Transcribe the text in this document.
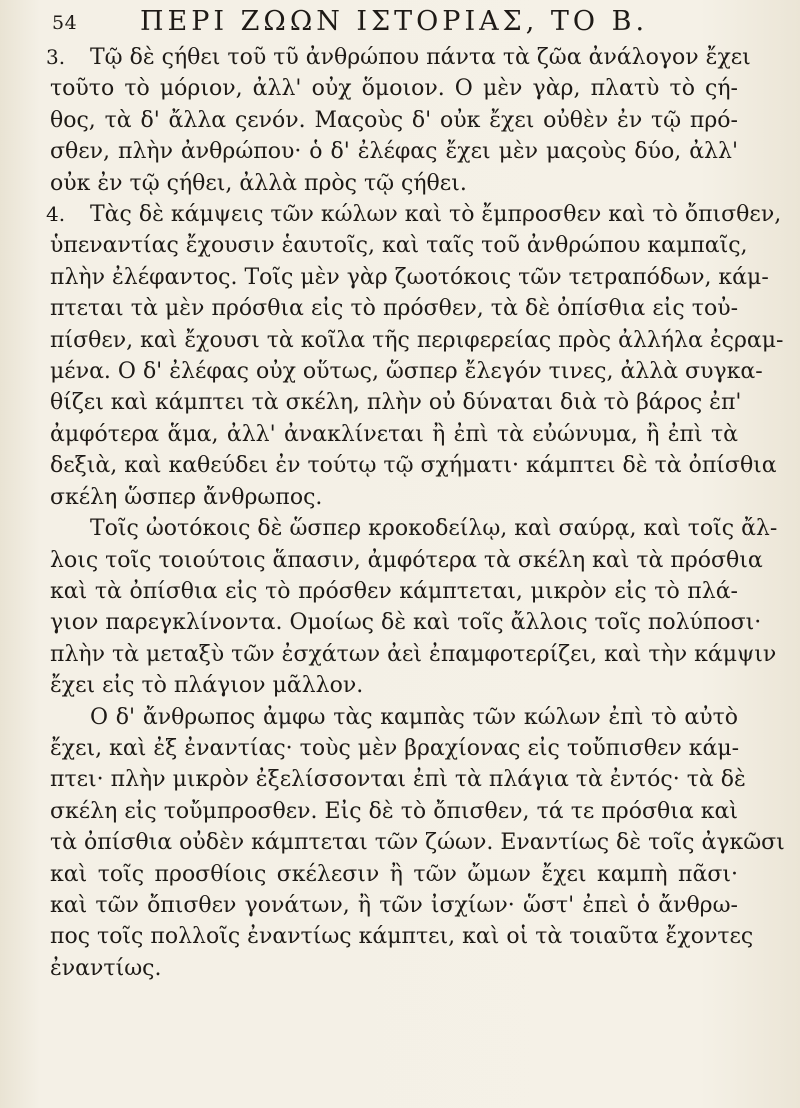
54 ΠΕΡΙ ΖΩΩΝ ΙΣΤΟΡΙΑΣ, ΤΟ Β.
3.	Τῷ δὲ ςήθει τοῦ τῦ ἀνθρώπου πάντα τὰ ζῶα ἀνάλογον ἔχει
τοῦτο τὸ μόριον, ἀλλ' οὐχ ὅμοιον. Ο μὲν γὰρ, πλατὺ τὸ ςή-
θος, τὰ δ' ἄλλα ςενόν. Μαςοὺς δ' οὐκ ἔχει οὐθὲν ἐν τῷ πρό-
σθεν, πλὴν ἀνθρώπου· ὁ δ' ἐλέφας ἔχει μὲν μαςοὺς δύο, ἀλλ'
οὐκ ἐν τῷ ςήθει, ἀλλὰ πρὸς τῷ ςήθει.
4.	Τὰς δὲ κάμψεις τῶν κώλων καὶ τὸ ἔμπροσθεν καὶ τὸ ὄπισθεν,
ὑπεναντίας ἔχουσιν ἑαυτοῖς, καὶ ταῖς τοῦ ἀνθρώπου καμπαῖς,
πλὴν ἐλέφαντος. Τοῖς μὲν γὰρ ζωοτόκοις τῶν τετραπόδων, κάμ-
πτεται τὰ μὲν πρόσθια εἰς τὸ πρόσθεν, τὰ δὲ ὀπίσθια εἰς τοὐ-
πίσθεν, καὶ ἔχουσι τὰ κοῖλα τῆς περιφερείας πρὸς ἀλλήλα ἐςραμ-
μένα. Ο δ' ἐλέφας οὐχ οὕτως, ὥσπερ ἔλεγόν τινες, ἀλλὰ συγκα-
θίζει καὶ κάμπτει τὰ σκέλη, πλὴν οὐ δύναται διὰ τὸ βάρος ἐπ'
ἀμφότερα ἅμα, ἀλλ' ἀνακλίνεται ἢ ἐπὶ τὰ εὐώνυμα, ἢ ἐπὶ τὰ
δεξιὰ, καὶ καθεύδει ἐν τούτῳ τῷ σχήματι· κάμπτει δὲ τὰ ὀπίσθια
σκέλη ὥσπερ ἄνθρωπος.
Τοῖς ὠοτόκοις δὲ ὥσπερ κροκοδείλῳ, καὶ σαύρᾳ, καὶ τοῖς ἄλ-
λοις τοῖς τοιούτοις ἅπασιν, ἀμφότερα τὰ σκέλη καὶ τὰ πρόσθια
καὶ τὰ ὀπίσθια εἰς τὸ πρόσθεν κάμπτεται, μικρὸν εἰς τὸ πλά-
γιον παρεγκλίνοντα. Ομοίως δὲ καὶ τοῖς ἄλλοις τοῖς πολύποσι·
πλὴν τὰ μεταξὺ τῶν ἐσχάτων ἀεὶ ἐπαμφοτερίζει, καὶ τὴν κάμψιν
ἔχει εἰς τὸ πλάγιον μᾶλλον.
Ο δ' ἄνθρωπος ἀμφω τὰς καμπὰς τῶν κώλων ἐπὶ τὸ αὐτὸ
ἔχει, καὶ ἐξ ἐναντίας· τοὺς μὲν βραχίονας εἰς τοὔπισθεν κάμ-
πτει· πλὴν μικρὸν ἐξελίσσονται ἐπὶ τὰ πλάγια τὰ ἐντός· τὰ δὲ
σκέλη εἰς τοὔμπροσθεν. Εἰς δὲ τὸ ὄπισθεν, τά τε πρόσθια καὶ
τὰ ὀπίσθια οὐδὲν κάμπτεται τῶν ζώων. Εναντίως δὲ τοῖς ἀγκῶσι
καὶ τοῖς προσθίοις σκέλεσιν ἢ τῶν ὤμων ἔχει καμπὴ πᾶσι·
καὶ τῶν ὄπισθεν γονάτων, ἢ τῶν ἰσχίων· ὥστ' ἐπεὶ ὁ ἄνθρω-
πος τοῖς πολλοῖς ἐναντίως κάμπτει, καὶ οἱ τὰ τοιαῦτα ἔχοντες
ἐναντίως.
